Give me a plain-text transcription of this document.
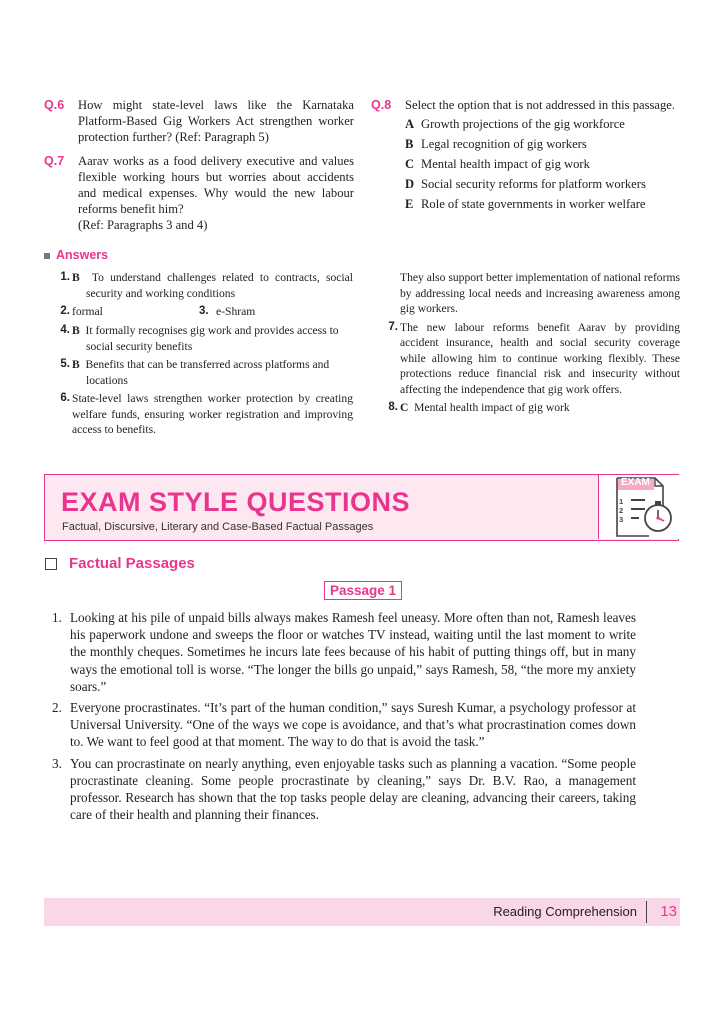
Q.6 How might state-level laws like the Karnataka Platform-Based Gig Workers Act strengthen worker protection further? (Ref: Paragraph 5)
Q.7 Aarav works as a food delivery executive and values flexible working hours but worries about accidents and medical expenses. Why would the new labour reforms benefit him?
(Ref: Paragraphs 3 and 4)
Q.8 Select the option that is not addressed in this passage.
A Growth projections of the gig workforce
B Legal recognition of gig workers
C Mental health impact of gig work
D Social security reforms for platform workers
E Role of state governments in worker welfare
Answers
1. B To understand challenges related to contracts, social security and working conditions
2. formal	3. e-Shram
4. B It formally recognises gig work and provides access to social security benefits
5. B Benefits that can be transferred across platforms and locations
6. State-level laws strengthen worker protection by creating welfare funds, ensuring worker registration and improving access to benefits.
They also support better implementation of national reforms by addressing local needs and increasing awareness among gig workers.
7. The new labour reforms benefit Aarav by providing accident insurance, health and social security coverage while allowing him to continue working flexibly. These protections reduce financial risk and insecurity without affecting the independence that gig work offers.
8. C Mental health impact of gig work
EXAM STYLE QUESTIONS
Factual, Discursive, Literary and Case-Based Factual Passages
EXAM
1
2
3
Factual Passages
Passage 1
1. Looking at his pile of unpaid bills always makes Ramesh feel uneasy. More often than not, Ramesh leaves his paperwork undone and sweeps the floor or watches TV instead, waiting until the last moment to write the monthly cheques. Sometimes he incurs late fees because of his habit of putting things off, but in many ways the emotional toll is worse. “The longer the bills go unpaid,” says Ramesh, 58, “the more my anxiety soars.”
2. Everyone procrastinates. “It’s part of the human condition,” says Suresh Kumar, a psychology professor at Universal University. “One of the ways we cope is avoidance, and that’s what procrastination comes down to. We want to feel good at that moment. The way to do that is avoid the task.”
3. You can procrastinate on nearly anything, even enjoyable tasks such as planning a vacation. “Some people procrastinate cleaning. Some people procrastinate by cleaning,” says Dr. B.V. Rao, a management professor. Research has shown that the top tasks people delay are cleaning, advancing their careers, taking care of their health and planning their finances.
Reading Comprehension 13
